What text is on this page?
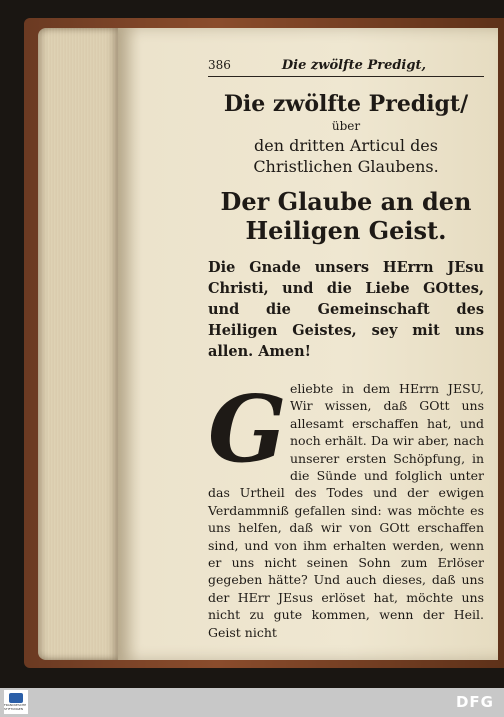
386	Die zwölfte Predigt,
Die zwölfte Predigt/
über
den dritten Articul des Christlichen Glaubens.
Der Glaube an den Heiligen Geist.
Die Gnade unsers HErrn JEsu Christi, und die Liebe GOttes, und die Gemeinschaft des Heiligen Geistes, sey mit uns allen. Amen!
G eliebte in dem HErrn JESU, Wir wissen, daß GOtt uns allesamt erschaffen hat, und noch erhält. Da wir aber, nach unserer ersten Schöpfung, in die Sünde und folglich unter das Urtheil des Todes und der ewigen Verdammniß gefallen sind: was möchte es uns helfen, daß wir von GOtt erschaffen sind, und von ihm erhalten werden, wenn er uns nicht seinen Sohn zum Erlöser gegeben hätte? Und auch dieses, daß uns der HErr JEsus erlöset hat, möchte uns nicht zu gute kommen, wenn der Heil. Geist nicht
FRANCKESCHE STIFTUNGEN	DFG
